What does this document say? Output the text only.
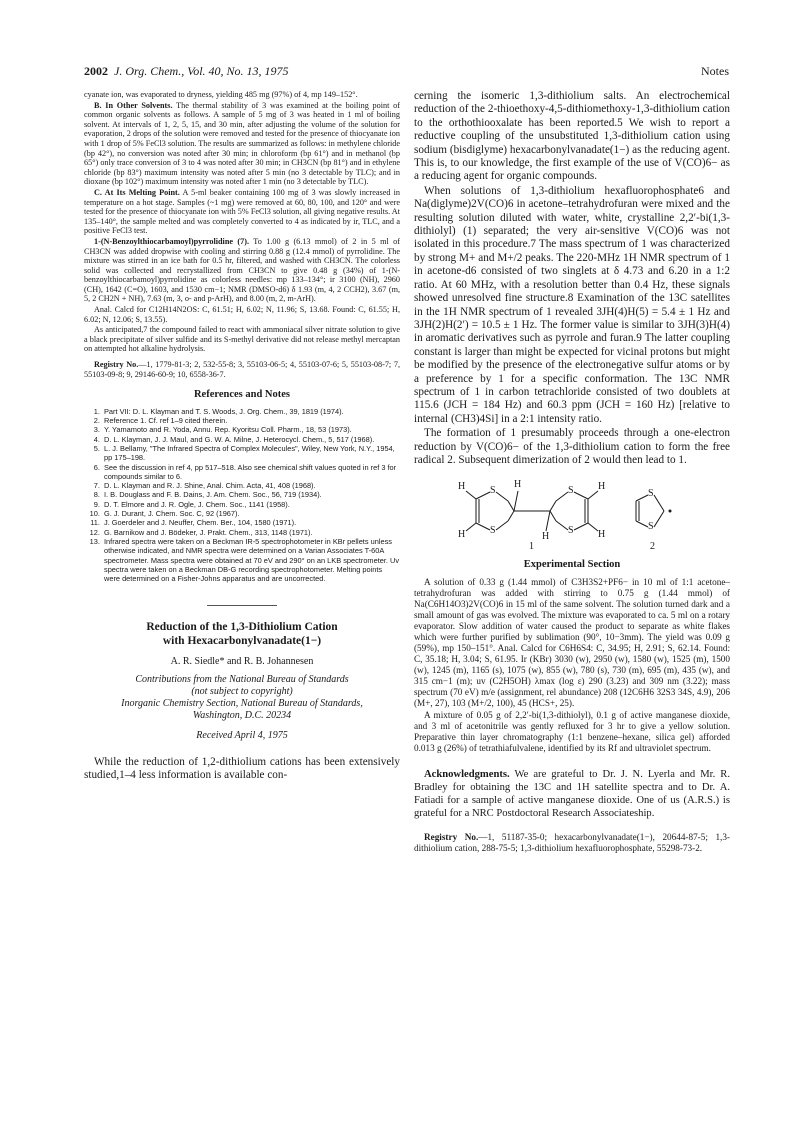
2002 J. Org. Chem., Vol. 40, No. 13, 1975	Notes

cyanate ion, was evaporated to dryness, yielding 485 mg (97%) of 4, mp 149–152°.

B. In Other Solvents. The thermal stability of 3 was examined at the boiling point of common organic solvents as follows. A sample of 5 mg of 3 was heated in 1 ml of boiling solvent. At intervals of 1, 2, 5, 15, and 30 min, after adjusting the volume of the solution for evaporation, 2 drops of the solution were removed and tested for the presence of thiocyanate ion with 1 drop of 5% FeCl3 solution. The results are summarized as follows: in methylene chloride (bp 42°), no conversion was noted after 30 min; in chloroform (bp 61°) and in methanol (bp 65°) only trace conversion of 3 to 4 was noted after 30 min; in CH3CN (bp 81°) and in ethylene chloride (bp 83°) maximum intensity was noted after 5 min (no 3 detectable by TLC); and in dioxane (bp 102°) maximum intensity was noted after 1 min (no 3 detectable by TLC).

C. At Its Melting Point. A 5-ml beaker containing 100 mg of 3 was slowly increased in temperature on a hot stage. Samples (~1 mg) were removed at 60, 80, 100, and 120° and were tested for the presence of thiocyanate ion with 5% FeCl3 solution, all giving negative results. At 135–140°, the sample melted and was completely converted to 4 as indicated by ir, TLC, and a positive FeCl3 test.

1-(N-Benzoylthiocarbamoyl)pyrrolidine (7). To 1.00 g (6.13 mmol) of 2 in 5 ml of CH3CN was added dropwise with cooling and stirring 0.88 g (12.4 mmol) of pyrrolidine. The mixture was stirred in an ice bath for 0.5 hr, filtered, and washed with CH3CN. The colorless solid was collected and recrystallized from CH3CN to give 0.48 g (34%) of 1-(N-benzoylthiocarbamoyl)pyrrolidine as colorless needles: mp 133–134°; ir 3100 (NH), 2960 (CH), 1642 (C=O), 1603, and 1530 cm−1; NMR (DMSO-d6) δ 1.93 (m, 4, 2 CCH2), 3.67 (m, 5, 2 CH2N + NH), 7.63 (m, 3, o- and p-ArH), and 8.00 (m, 2, m-ArH).

Anal. Calcd for C12H14N2OS: C, 61.51; H, 6.02; N, 11.96; S, 13.68. Found: C, 61.55; H, 6.02; N, 12.06; S, 13.55).

As anticipated,7 the compound failed to react with ammoniacal silver nitrate solution to give a black precipitate of silver sulfide and its S-methyl derivative did not release methyl mercaptan on attempted hot alkaline hydrolysis.

Registry No.—1, 1779-81-3; 2, 532-55-8; 3, 55103-06-5; 4, 55103-07-6; 5, 55103-08-7; 7, 55103-09-8; 9, 29146-60-9; 10, 6558-36-7.

References and Notes
1. Part VII: D. L. Klayman and T. S. Woods, J. Org. Chem., 39, 1819 (1974).
2. Reference 1. Cf. ref 1–9 cited therein.
3. Y. Yamamoto and R. Yoda, Annu. Rep. Kyoritsu Coll. Pharm., 18, 53 (1973).
4. D. L. Klayman, J. J. Maul, and G. W. A. Milne, J. Heterocycl. Chem., 5, 517 (1968).
5. L. J. Bellamy, "The Infrared Spectra of Complex Molecules", Wiley, New York, N.Y., 1954, pp 175–198.
6. See the discussion in ref 4, pp 517–518. Also see chemical shift values quoted in ref 3 for compounds similar to 6.
7. D. L. Klayman and R. J. Shine, Anal. Chim. Acta, 41, 408 (1968).
8. I. B. Douglass and F. B. Dains, J. Am. Chem. Soc., 56, 719 (1934).
9. D. T. Elmore and J. R. Ogle, J. Chem. Soc., 1141 (1958).
10. G. J. Durant, J. Chem. Soc. C, 92 (1967).
11. J. Goerdeler and J. Neuffer, Chem. Ber., 104, 1580 (1971).
12. G. Barnikow and J. Bödeker, J. Prakt. Chem., 313, 1148 (1971).
13. Infrared spectra were taken on a Beckman IR-5 spectrophotometer in KBr pellets unless otherwise indicated, and NMR spectra were determined on a Varian Associates T-60A spectrometer. Mass spectra were obtained at 70 eV and 290° on an LKB spectrometer. Uv spectra were taken on a Beckman DB-G recording spectrophotometer. Melting points were determined on a Fisher-Johns apparatus and are uncorrected.
Reduction of the 1,3-Dithiolium Cation
with Hexacarbonylvanadate(1−)
A. R. Siedle* and R. B. Johannesen
Contributions from the National Bureau of Standards
(not subject to copyright)
Inorganic Chemistry Section, National Bureau of Standards,
Washington, D.C. 20234
Received April 4, 1975

While the reduction of 1,2-dithiolium cations has been extensively studied,1–4 less information is available con-

cerning the isomeric 1,3-dithiolium salts. An electrochemical reduction of the 2-thioethoxy-4,5-dithiomethoxy-1,3-dithiolium cation to the orthothiooxalate has been reported.5 We wish to report a reductive coupling of the unsubstituted 1,3-dithiolium cation using sodium (bisdiglyme) hexacarbonylvanadate(1−) as the reducing agent. This is, to our knowledge, the first example of the use of V(CO)6− as a reducing agent for organic compounds.

When solutions of 1,3-dithiolium hexafluorophosphate6 and Na(diglyme)2V(CO)6 in acetone–tetrahydrofuran were mixed and the resulting solution diluted with water, white, crystalline 2,2′-bi(1,3-dithiolyl) (1) separated; the very air-sensitive V(CO)6 was not isolated in this procedure.7 The mass spectrum of 1 was characterized by strong M+ and M+/2 peaks. The 220-MHz 1H NMR spectrum of 1 in acetone-d6 consisted of two singlets at δ 4.73 and 6.20 in a 1:2 ratio. At 60 MHz, with a resolution better than 0.4 Hz, these signals showed unresolved fine structure.8 Examination of the 13C satellites in the 1H NMR spectrum of 1 revealed 3JH(4)H(5) = 5.4 ± 1 Hz and 3JH(2)H(2′) = 10.5 ± 1 Hz. The former value is similar to 3JH(3)H(4) in aromatic derivatives such as pyrrole and furan.9 The latter coupling constant is larger than might be expected for vicinal protons but might be modified by the presence of the electronegative sulfur atoms or by a preference by 1 for a specific conformation. The 13C NMR spectrum of 1 in carbon tetrachloride consisted of two doublets at 115.6 (JCH = 184 Hz) and 60.3 ppm (JCH = 160 Hz) [relative to internal (CH3)4Si] in a 2:1 intensity ratio.

The formation of 1 presumably proceeds through a one-electron reduction by V(CO)6− of the 1,3-dithiolium cation to form the free radical 2. Subsequent dimerization of 2 would then lead to 1.

H
H
H
H
H
H
S
S
S
S
S
S
1	2
Experimental Section

A solution of 0.33 g (1.44 mmol) of C3H3S2+PF6− in 10 ml of 1:1 acetone–tetrahydrofuran was added with stirring to 0.75 g (1.44 mmol) of Na(C6H14O3)2V(CO)6 in 15 ml of the same solvent. The solution turned dark and a small amount of gas was evolved. The mixture was evaporated to ca. 5 ml on a rotary evaporator. Slow addition of water caused the product to separate as white flakes which were further purified by sublimation (90°, 10−3mm). The yield was 0.09 g (59%), mp 150–151°. Anal. Calcd for C6H6S4: C, 34.95; H, 2.91; S, 62.14. Found: C, 35.18; H, 3.04; S, 61.95. Ir (KBr) 3030 (w), 2950 (w), 1580 (w), 1525 (m), 1500 (w), 1245 (m), 1165 (s), 1075 (w), 855 (w), 780 (s), 730 (m), 695 (m), 435 (w), and 315 cm−1 (m); uv (C2H5OH) λmax (log ε) 290 (3.23) and 309 nm (3.22); mass spectrum (70 eV) m/e (assignment, rel abundance) 208 (12C6H6 32S3 34S, 4.9), 206 (M+, 27), 103 (M+/2, 100), 45 (HCS+, 25).

A mixture of 0.05 g of 2,2′-bi(1,3-dithiolyl), 0.1 g of active manganese dioxide, and 3 ml of acetonitrile was gently refluxed for 3 hr to give a yellow solution. Preparative thin layer chromatography (1:1 benzene–hexane, silica gel) afforded 0.013 g (26%) of tetrathiafulvalene, identified by its Rf and ultraviolet spectrum.

Acknowledgments. We are grateful to Dr. J. N. Lyerla and Mr. R. Bradley for obtaining the 13C and 1H satellite spectra and to Dr. A. Fatiadi for a sample of active manganese dioxide. One of us (A.R.S.) is grateful for a NRC Postdoctoral Research Associateship.

Registry No.—1, 51187-35-0; hexacarbonylvanadate(1−), 20644-87-5; 1,3-dithiolium cation, 288-75-5; 1,3-dithiolium hexafluorophosphate, 55298-73-2.
